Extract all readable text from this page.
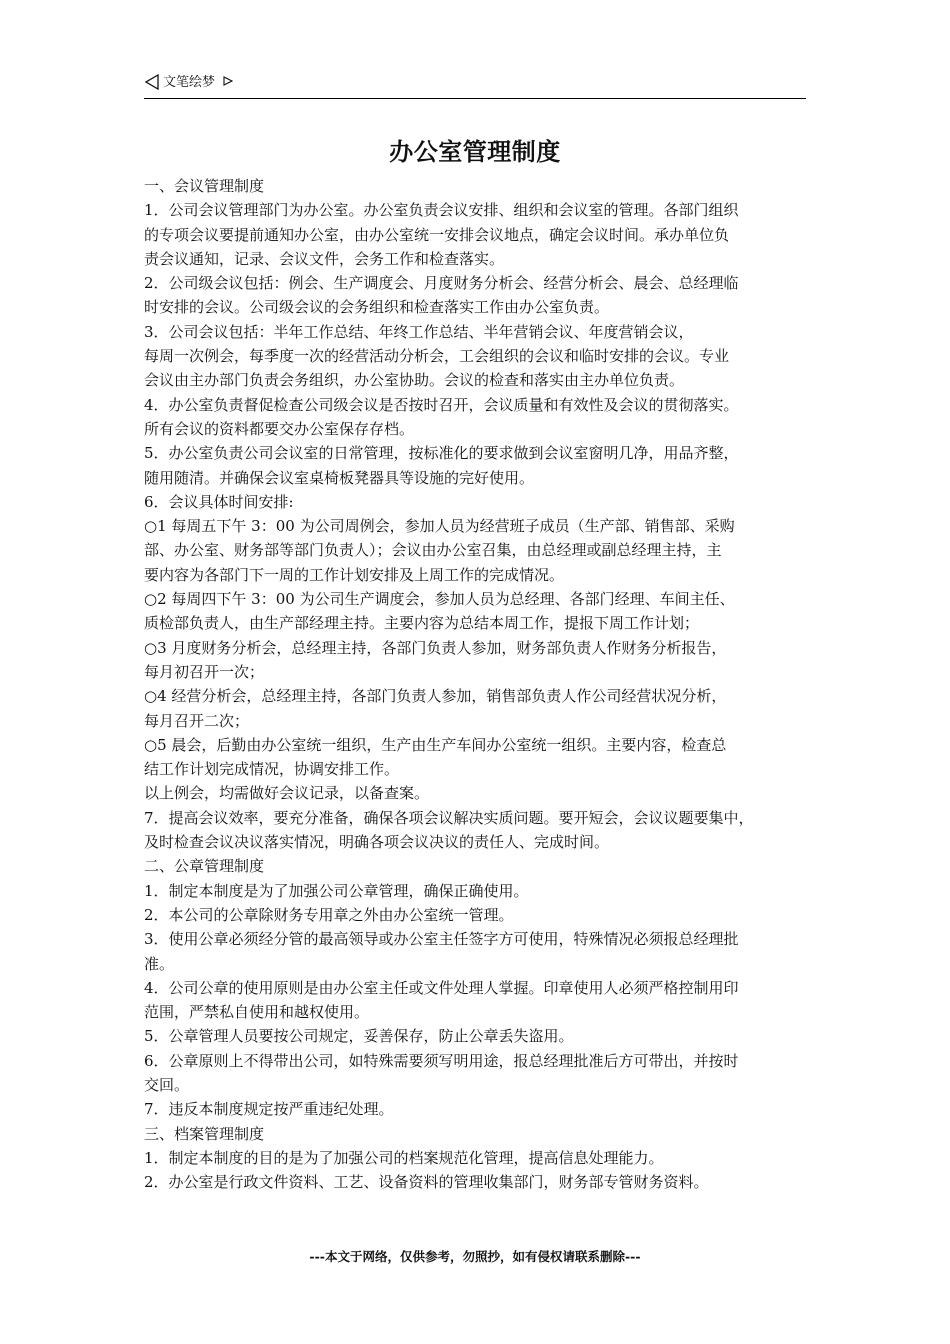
文笔绘梦
办公室管理制度
一、会议管理制度
1．公司会议管理部门为办公室。办公室负责会议安排、组织和会议室的管理。各部门组织
的专项会议要提前通知办公室，由办公室统一安排会议地点，确定会议时间。承办单位负
责会议通知，记录、会议文件，会务工作和检查落实。
2．公司级会议包括：例会、生产调度会、月度财务分析会、经营分析会、晨会、总经理临
时安排的会议。公司级会议的会务组织和检查落实工作由办公室负责。
3．公司会议包括：半年工作总结、年终工作总结、半年营销会议、年度营销会议，
每周一次例会，每季度一次的经营活动分析会，工会组织的会议和临时安排的会议。专业
会议由主办部门负责会务组织，办公室协助。会议的检查和落实由主办单位负责。
4．办公室负责督促检查公司级会议是否按时召开，会议质量和有效性及会议的贯彻落实。
所有会议的资料都要交办公室保存存档。
5．办公室负责公司会议室的日常管理，按标准化的要求做到会议室窗明几净，用品齐整，
随用随清。并确保会议室桌椅板凳器具等设施的完好使用。
6．会议具体时间安排:
○1 每周五下午 3：00 为公司周例会，参加人员为经营班子成员（生产部、销售部、采购
部、办公室、财务部等部门负责人）；会议由办公室召集，由总经理或副总经理主持，主
要内容为各部门下一周的工作计划安排及上周工作的完成情况。
○2 每周四下午 3：00 为公司生产调度会，参加人员为总经理、各部门经理、车间主任、
质检部负责人，由生产部经理主持。主要内容为总结本周工作，提报下周工作计划；
○3 月度财务分析会，总经理主持，各部门负责人参加，财务部负责人作财务分析报告，
每月初召开一次；
○4 经营分析会，总经理主持，各部门负责人参加，销售部负责人作公司经营状况分析，
每月召开二次；
○5 晨会，后勤由办公室统一组织，生产由生产车间办公室统一组织。主要内容，检查总
结工作计划完成情况，协调安排工作。
以上例会，均需做好会议记录，以备查案。
7．提高会议效率，要充分准备，确保各项会议解决实质问题。要开短会，会议议题要集中，
及时检查会议决议落实情况，明确各项会议决议的责任人、完成时间。
二、公章管理制度
1．制定本制度是为了加强公司公章管理，确保正确使用。
2．本公司的公章除财务专用章之外由办公室统一管理。
3．使用公章必须经分管的最高领导或办公室主任签字方可使用，特殊情况必须报总经理批
准。
4．公司公章的使用原则是由办公室主任或文件处理人掌握。印章使用人必须严格控制用印
范围，严禁私自使用和越权使用。
5．公章管理人员要按公司规定，妥善保存，防止公章丢失盗用。
6．公章原则上不得带出公司，如特殊需要须写明用途，报总经理批准后方可带出，并按时
交回。
7．违反本制度规定按严重违纪处理。
三、档案管理制度
1．制定本制度的目的是为了加强公司的档案规范化管理，提高信息处理能力。
2．办公室是行政文件资料、工艺、设备资料的管理收集部门，财务部专管财务资料。
---本文于网络，仅供参考，勿照抄，如有侵权请联系删除---
